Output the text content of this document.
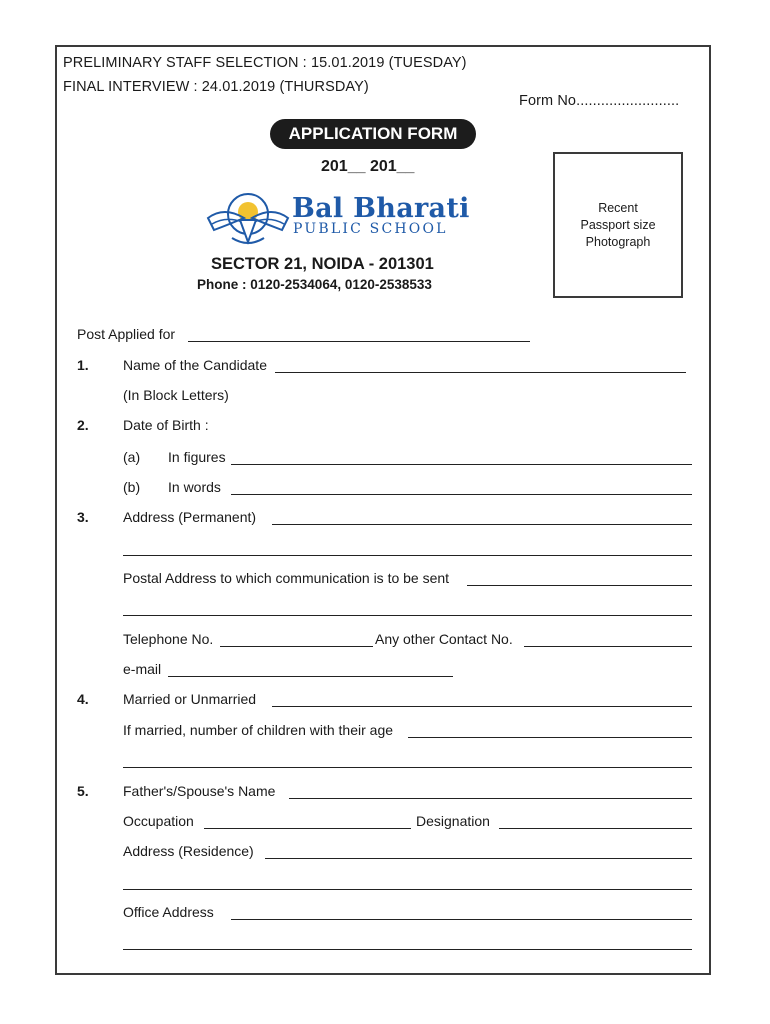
PRELIMINARY STAFF SELECTION : 15.01.2019 (TUESDAY)
FINAL INTERVIEW : 24.01.2019 (THURSDAY)
Form No.........................
APPLICATION FORM
201__ 201__
Bal Bharati
PUBLIC SCHOOL
SECTOR 21, NOIDA - 201301
Phone : 0120-2534064, 0120-2538533
Recent
Passport size
Photograph
Post Applied for
1. Name of the Candidate
(In Block Letters)
2. Date of Birth :
(a) In figures
(b) In words
3. Address (Permanent)
Postal Address to which communication is to be sent
Telephone No.	Any other Contact No.
e-mail
4. Married or Unmarried
If married, number of children with their age
5. Father's/Spouse's Name
Occupation	Designation
Address (Residence)
Office Address
